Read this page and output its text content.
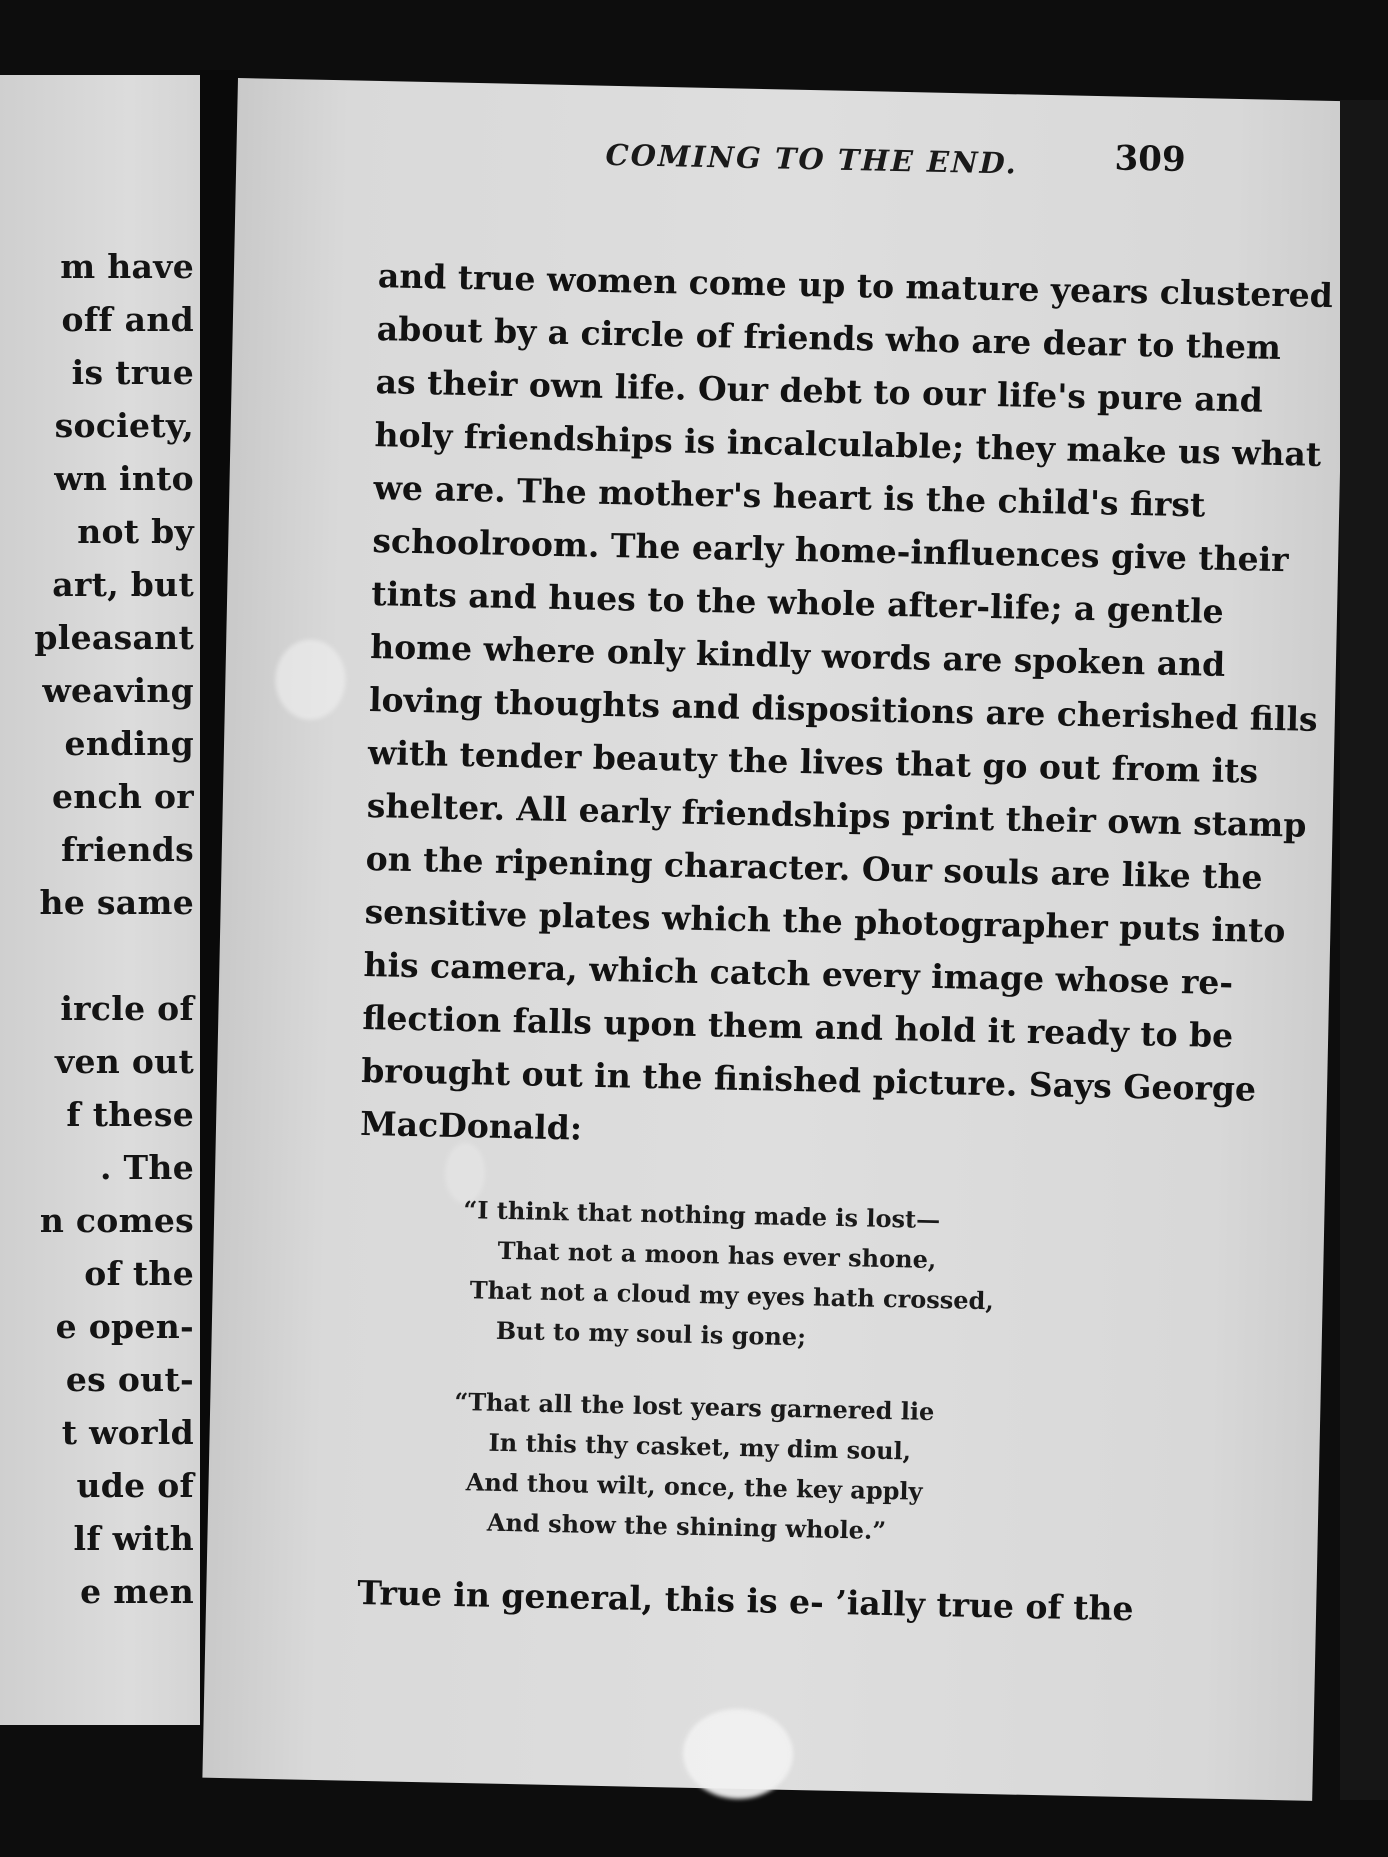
m have
off and
is true
society,
wn into
not by
art, but
pleasant
weaving
ending
ench or
friends
he same
ircle of
ven out
f these
. The
n comes
of the
e open-
es out-
t world
ude of
lf with
e men
COMING TO THE END.	309
and true women come up to mature years clustered
about by a circle of friends who are dear to them
as their own life. Our debt to our life's pure and
holy friendships is incalculable; they make us what
we are. The mother's heart is the child's first
schoolroom. The early home-influences give their
tints and hues to the whole after-life; a gentle
home where only kindly words are spoken and
loving thoughts and dispositions are cherished fills
with tender beauty the lives that go out from its
shelter. All early friendships print their own stamp
on the ripening character. Our souls are like the
sensitive plates which the photographer puts into
his camera, which catch every image whose re-
flection falls upon them and hold it ready to be
brought out in the finished picture. Says George
MacDonald:
“I think that nothing made is lost—
That not a moon has ever shone,
That not a cloud my eyes hath crossed,
But to my soul is gone;
“That all the lost years garnered lie
In this thy casket, my dim soul,
And thou wilt, once, the key apply
And show the shining whole.”
True in general, this is e‐ ’ially true of the
